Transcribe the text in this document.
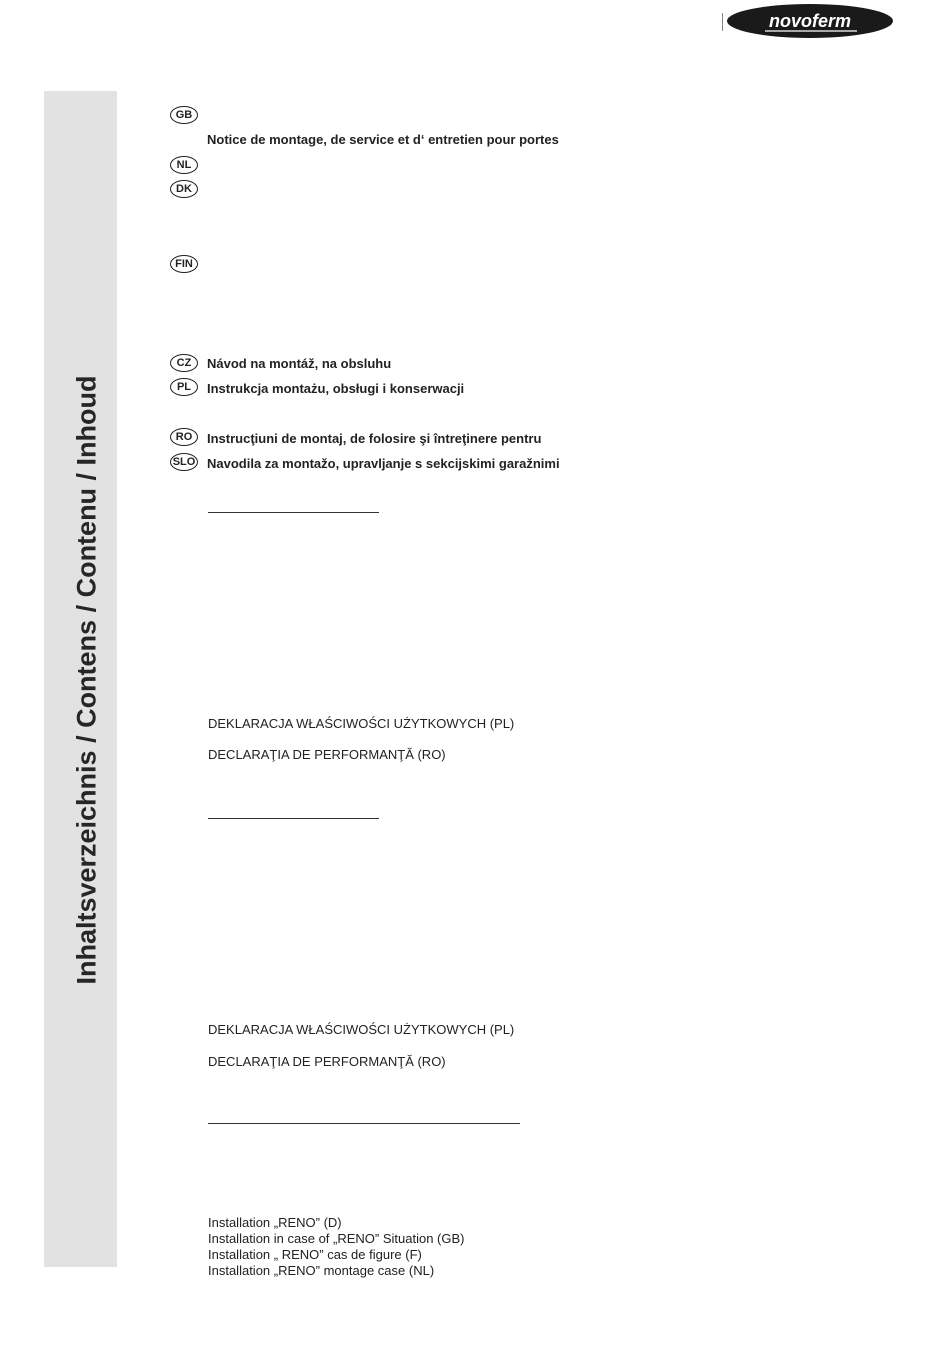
novoferm
Inhaltsverzeichnis / Contens / Contenu / Inhoud
GB
Notice de montage, de service et d‘ entretien pour portes
NL
DK
FIN
CZ	Návod na montáž, na obsluhu
PL	Instrukcja montażu, obsługi i konserwacji
RO	Instrucţiuni de montaj, de folosire şi întreţinere pentru
SLO Navodila za montažo, upravljanje s sekcijskimi garažnimi
DEKLARACJA WŁAŚCIWOŚCI UŻYTKOWYCH (PL)
DECLARAŢIA DE PERFORMANŢĂ (RO)
DEKLARACJA WŁAŚCIWOŚCI UŻYTKOWYCH (PL)
DECLARAŢIA DE PERFORMANŢĂ (RO)
Installation „RENO” (D)
Installation in case of „RENO” Situation (GB)
Installation „ RENO” cas de figure (F)
Installation „RENO” montage case (NL)
